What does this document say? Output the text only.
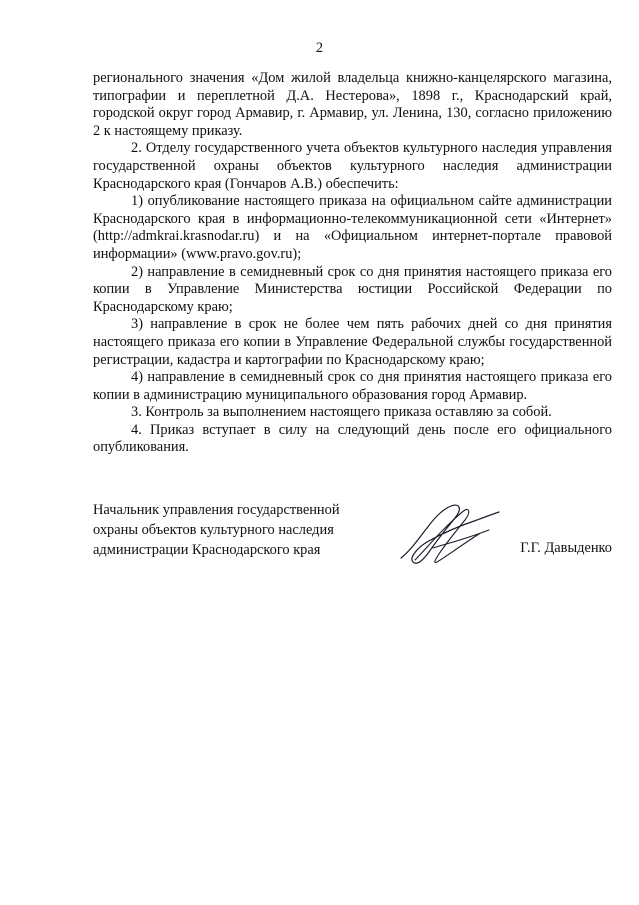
2

регионального значения «Дом жилой владельца книжно-канцелярского магазина, типографии и переплетной Д.А. Нестерова», 1898 г., Краснодарский край, городской округ город Армавир, г. Армавир, ул. Ленина, 130, согласно приложению 2 к настоящему приказу.

2. Отделу государственного учета объектов культурного наследия управления государственной охраны объектов культурного наследия администрации Краснодарского края (Гончаров А.В.) обеспечить:

1) опубликование настоящего приказа на официальном сайте администрации Краснодарского края в информационно-телекоммуникационной сети «Интернет» (http://admkrai.krasnodar.ru) и на «Официальном интернет-портале правовой информации» (www.pravo.gov.ru);

2) направление в семидневный срок со дня принятия настоящего приказа его копии в Управление Министерства юстиции Российской Федерации по Краснодарскому краю;

3) направление в срок не более чем пять рабочих дней со дня принятия настоящего приказа его копии в Управление Федеральной службы государственной регистрации, кадастра и картографии по Краснодарскому краю;

4) направление в семидневный срок со дня принятия настоящего приказа его копии в администрацию муниципального образования город Армавир.

3. Контроль за выполнением настоящего приказа оставляю за собой.

4. Приказ вступает в силу на следующий день после его официального опубликования.

Начальник управления государственной
охраны объектов культурного наследия
администрации Краснодарского края	Г.Г. Давыденко
